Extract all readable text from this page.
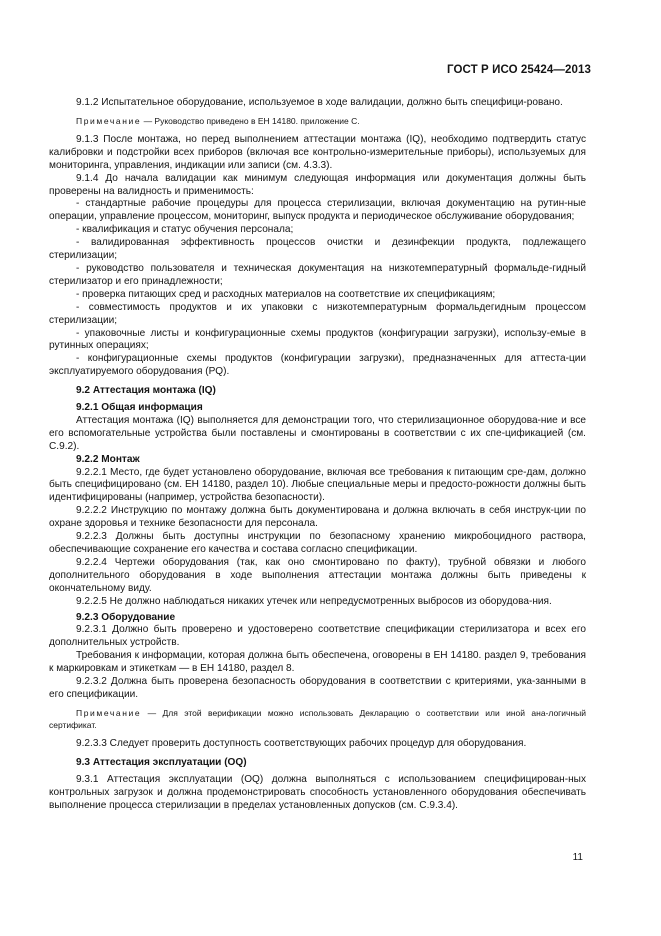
ГОСТ Р ИСО 25424—2013

9.1.2 Испытательное оборудование, используемое в ходе валидации, должно быть специфици-рованo.

Примечание — Руководство приведено в ЕН 14180. приложение С.

9.1.3 После монтажа, но перед выполнением аттестации монтажа (IQ), необходимо подтвердить статус калибровки и подстройки всех приборов (включая все контрольно-измерительные приборы), используемых для мониторинга, управления, индикации или записи (см. 4.3.3).

9.1.4 До начала валидации как минимум следующая информация или документация должны быть проверены на валидность и применимость:

- стандартные рабочие процедуры для процесса стерилизации, включая документацию на рутин-ные операции, управление процессом, мониторинг, выпуск продукта и периодическое обслуживание оборудования;

- квалификация и статус обучения персонала;

- валидированная эффективность процессов очистки и дезинфекции продукта, подлежащего стерилизации;

- руководство пользователя и техническая документация на низкотемпературный формальде-гидный стерилизатор и его принадлежности;

- проверка питающих сред и расходных материалов на соответствие их спецификациям;

- совместимость продуктов и их упаковки с низкотемпературным формальдегидным процессом стерилизации;

- упаковочные листы и конфигурационные схемы продуктов (конфигурации загрузки), использу-емые в рутинных операциях;

- конфигурационные схемы продуктов (конфигурации загрузки), предназначенных для аттеста-ции эксплуатируемого оборудования (PQ).

9.2 Аттестация монтажа (IQ)

9.2.1 Общая информация

Аттестация монтажа (IQ) выполняется для демонстрации того, что стерилизационное оборудова-ние и все его вспомогательные устройства были поставлены и смонтированы в соответствии с их спе-цификацией (см. С.9.2).

9.2.2 Монтаж

9.2.2.1 Место, где будет установлено оборудование, включая все требования к питающим сре-дам, должно быть специфицировано (см. ЕН 14180, раздел 10). Любые специальные меры и предосто-рожности должны быть идентифицированы (например, устройства безопасности).

9.2.2.2 Инструкцию по монтажу должна быть документирована и должна включать в себя инструк-ции по охране здоровья и технике безопасности для персонала.

9.2.2.3 Должны быть доступны инструкции по безопасному хранению микробоцидного раствора, обеспечивающие сохранение его качества и состава согласно спецификации.

9.2.2.4 Чертежи оборудования (так, как оно смонтировано по факту), трубной обвязки и любого дополнительного оборудования в ходе выполнения аттестации монтажа должны быть приведены к окончательному виду.

9.2.2.5 Не должно наблюдаться никаких утечек или непредусмотренных выбросов из оборудова-ния.

9.2.3 Оборудование

9.2.3.1 Должно быть проверено и удостоверено соответствие спецификации стерилизатора и всех его дополнительных устройств.

Требования к информации, которая должна быть обеспечена, оговорены в ЕН 14180. раздел 9, требования к маркировкам и этикеткам — в ЕН 14180, раздел 8.

9.2.3.2 Должна быть проверена безопасность оборудования в соответствии с критериями, ука-занными в его спецификации.

Примечание — Для этой верификации можно использовать Декларацию о соответствии или иной ана-логичный сертификат.

9.2.3.3 Следует проверить доступность соответствующих рабочих процедур для оборудования.

9.3 Аттестация эксплуатации (OQ)

9.3.1 Аттестация эксплуатации (OQ) должна выполняться с использованием специфицирован-ных контрольных загрузок и должна продемонстрировать способность установленного оборудования обеспечивать выполнение процесса стерилизации в пределах установленных допусков (см. С.9.3.4).

11
